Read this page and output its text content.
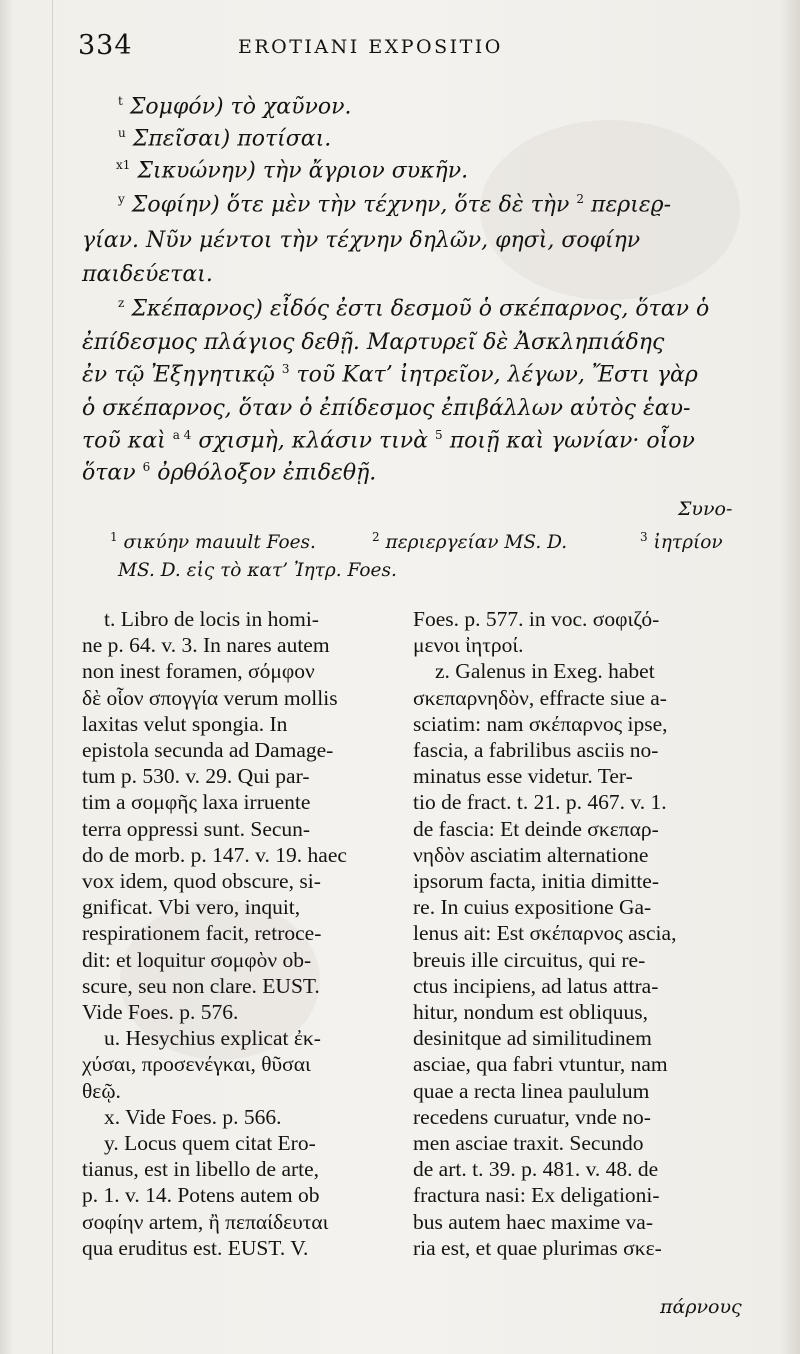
334	EROTIANI EXPOSITIO
$^t$ Σομφόν) τὸ χαῦνον.
$^u$ Σπεῖσαι) ποτίσαι.
$^{x1}$ Σικυώνην) τὴν ἄγριον συκῆν.
$^y$ Σοφίην) ὅτε μὲν τὴν τέχνην, ὅτε δὲ τὴν $^2$ περιεϱ-
γίαν. Νῦν μέντοι τὴν τέχνην δηλῶν, φησὶ, σοφίην
παιδεύεται.
$^z$ Σκέπαρνος) εἶδός ἐστι δεσμοῦ ὁ σκέπαρνος, ὅταν ὁ
ἐπίδεσμος πλάγιος δεθῇ. Μαρτυρεῖ δὲ Ἀσκληπιάδης
ἐν τῷ Ἐξηγητικῷ $^3$ τοῦ Κατ’ ἰητρεῖον, λέγων, Ἔστι γὰρ
ὁ σκέπαρνος, ὅταν ὁ ἐπίδεσμος ἐπιβάλλων αὐτὸς ἑαυ-
τοῦ καὶ $^{a 4}$ σχισμὴ, κλάσιν τινὰ $^5$ ποιῇ καὶ γωνίαν· οἷον
ὅταν $^6$ ὀρθόλοξον ἐπιδεθῇ.
Συνο-
$^1$ σικύην mauult Foes.	$^2$ περιεργείαν MS. D.	$^3$ ἰητρίον
MS. D. εἰς τὸ κατ’ Ἰητρ. Foes.
t. Libro de locis in homi-
ne p. 64. v. 3. In nares autem
non inest foramen, σόμφον
δὲ οἷον σπογγία verum mollis
laxitas velut spongia. In
epistola secunda ad Damage-
tum p. 530. v. 29. Qui par-
tim a σομφῆς laxa irruente
terra oppressi sunt. Secun-
do de morb. p. 147. v. 19. haec
vox idem, quod obscure, si-
gnificat. Vbi vero, inquit,
respirationem facit, retroce-
dit: et loquitur σομφὸν ob-
scure, seu non clare. EUST.
Vide Foes. p. 576.
u. Hesychius explicat ἐκ-
χύσαι, προσενέγκαι, θῦσαι
θεῷ.
x. Vide Foes. p. 566.
y. Locus quem citat Ero-
tianus, est in libello de arte,
p. 1. v. 14. Potens autem ob
σοφίην artem, ἢ πεπαίδευται
qua eruditus est. EUST. V.
Foes. p. 577. in voc. σοφιζό-
μενοι ἰητροί.
z. Galenus in Exeg. habet
σκεπαρνηδὸν, effracte siue a-
sciatim: nam σκέπαρνος ipse,
fascia, a fabrilibus asciis no-
minatus esse videtur. Ter-
tio de fract. t. 21. p. 467. v. 1.
de fascia: Et deinde σκεπαρ-
νηδὸν asciatim alternatione
ipsorum facta, initia dimitte-
re. In cuius expositione Ga-
lenus ait: Est σκέπαρνος ascia,
breuis ille circuitus, qui re-
ctus incipiens, ad latus attra-
hitur, nondum est obliquus,
desinitque ad similitudinem
asciae, qua fabri vtuntur, nam
quae a recta linea paululum
recedens curuatur, vnde no-
men asciae traxit. Secundo
de art. t. 39. p. 481. v. 48. de
fractura nasi: Ex deligationi-
bus autem haec maxime va-
ria est, et quae plurimas σκε-
πάρνους
